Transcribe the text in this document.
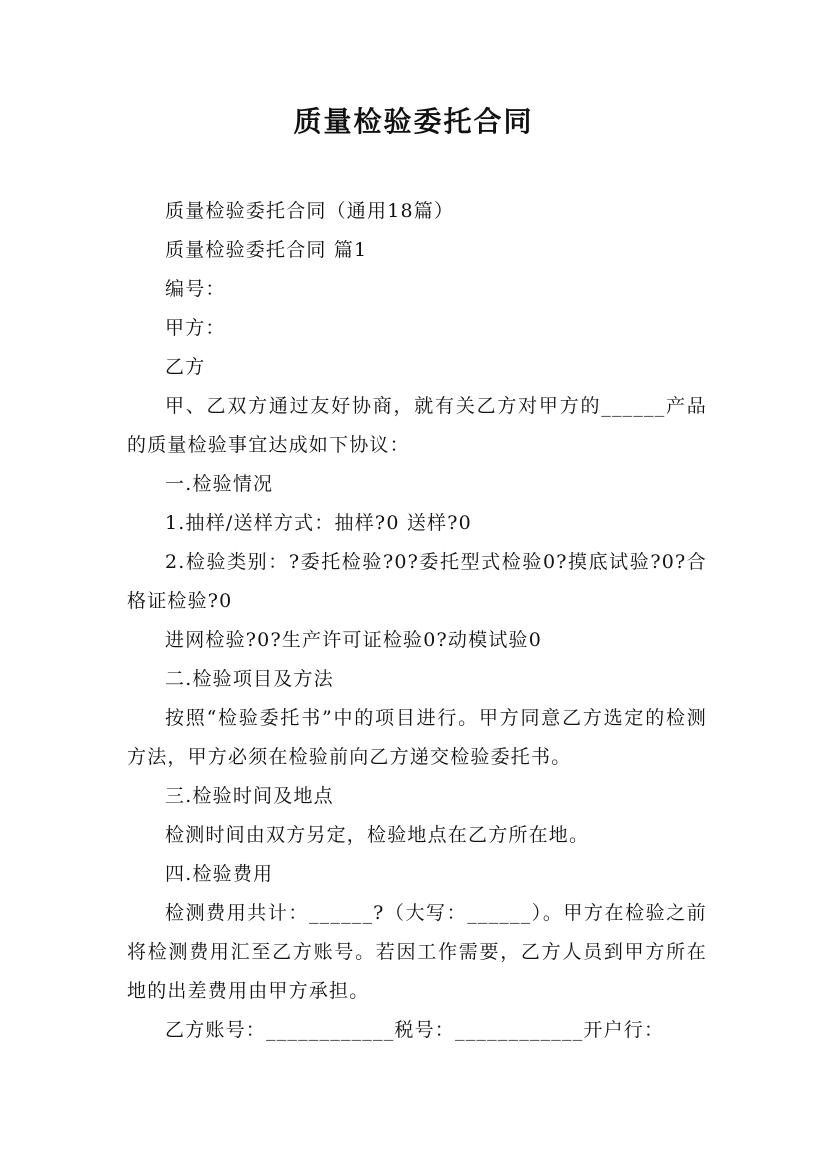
质量检验委托合同

质量检验委托合同（通用18篇）

质量检验委托合同 篇1

编号：

甲方：

乙方

甲、乙双方通过友好协商，就有关乙方对甲方的______产品的质量检验事宜达成如下协议：

一.检验情况

1.抽样/送样方式：抽样?0 送样?0

2.检验类别：?委托检验?0?委托型式检验0?摸底试验?0?合格证检验?0

进网检验?0?生产许可证检验0?动模试验0

二.检验项目及方法

按照“检验委托书”中的项目进行。甲方同意乙方选定的检测方法，甲方必须在检验前向乙方递交检验委托书。

三.检验时间及地点

检测时间由双方另定，检验地点在乙方所在地。

四.检验费用

检测费用共计：______?（大写：______）。甲方在检验之前将检测费用汇至乙方账号。若因工作需要，乙方人员到甲方所在地的出差费用由甲方承担。

乙方账号：____________税号：____________开户行：
